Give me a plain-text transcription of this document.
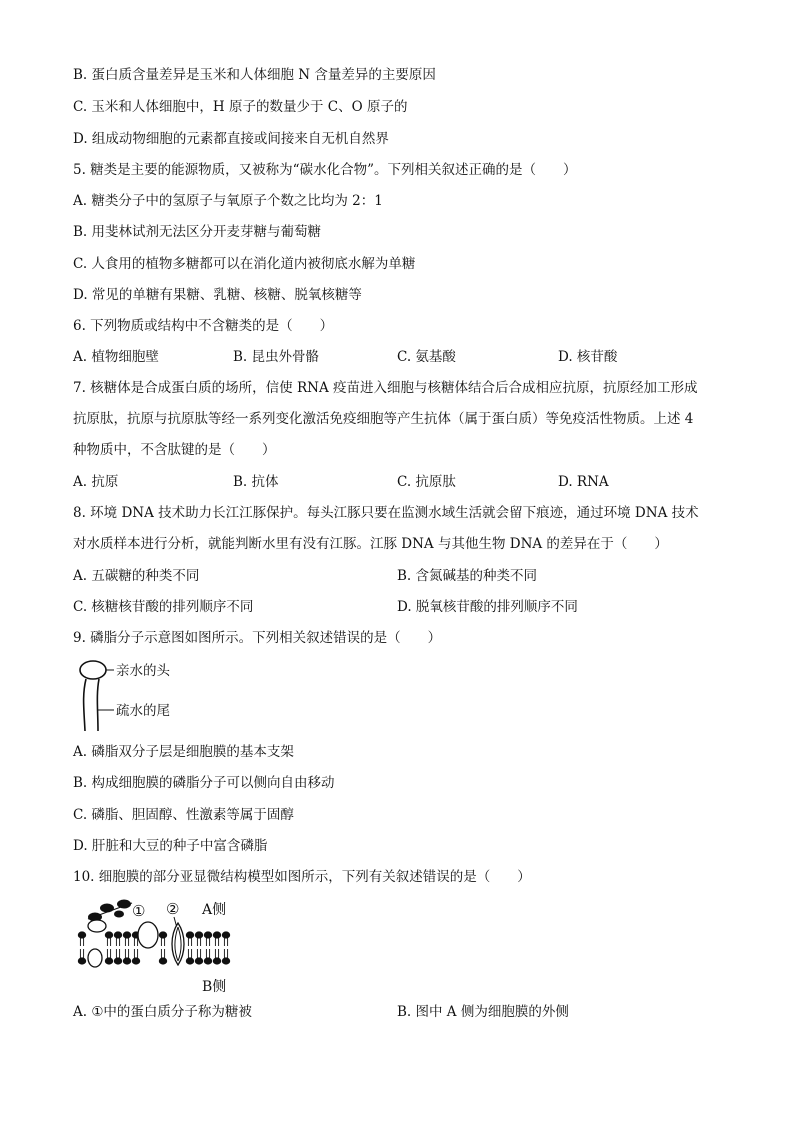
B. 蛋白质含量差异是玉米和人体细胞 N 含量差异的主要原因
C. 玉米和人体细胞中，H 原子的数量少于 C、O 原子的
D. 组成动物细胞的元素都直接或间接来自无机自然界
5. 糖类是主要的能源物质，又被称为“碳水化合物”。下列相关叙述正确的是（　　）
A. 糖类分子中的氢原子与氧原子个数之比均为 2：1
B. 用斐林试剂无法区分开麦芽糖与葡萄糖
C. 人食用的植物多糖都可以在消化道内被彻底水解为单糖
D. 常见的单糖有果糖、乳糖、核糖、脱氧核糖等
6. 下列物质或结构中不含糖类的是（　　）
A. 植物细胞壁	B. 昆虫外骨骼	C. 氨基酸	D. 核苷酸
7. 核糖体是合成蛋白质的场所，信使 RNA 疫苗进入细胞与核糖体结合后合成相应抗原，抗原经加工形成
抗原肽，抗原与抗原肽等经一系列变化激活免疫细胞等产生抗体（属于蛋白质）等免疫活性物质。上述 4
种物质中，不含肽键的是（　　）
A. 抗原	B. 抗体	C. 抗原肽	D. RNA
8. 环境 DNA 技术助力长江江豚保护。每头江豚只要在监测水域生活就会留下痕迹，通过环境 DNA 技术
对水质样本进行分析，就能判断水里有没有江豚。江豚 DNA 与其他生物 DNA 的差异在于（　　）
A. 五碳糖的种类不同	B. 含氮碱基的种类不同
C. 核糖核苷酸的排列顺序不同	D. 脱氧核苷酸的排列顺序不同
9. 磷脂分子示意图如图所示。下列相关叙述错误的是（　　）
亲水的头
疏水的尾
A. 磷脂双分子层是细胞膜的基本支架
B. 构成细胞膜的磷脂分子可以侧向自由移动
C. 磷脂、胆固醇、性激素等属于固醇
D. 肝脏和大豆的种子中富含磷脂
10. 细胞膜的部分亚显微结构模型如图所示，下列有关叙述错误的是（　　）
① ② A侧
B侧
A. ①中的蛋白质分子称为糖被	B. 图中 A 侧为细胞膜的外侧
